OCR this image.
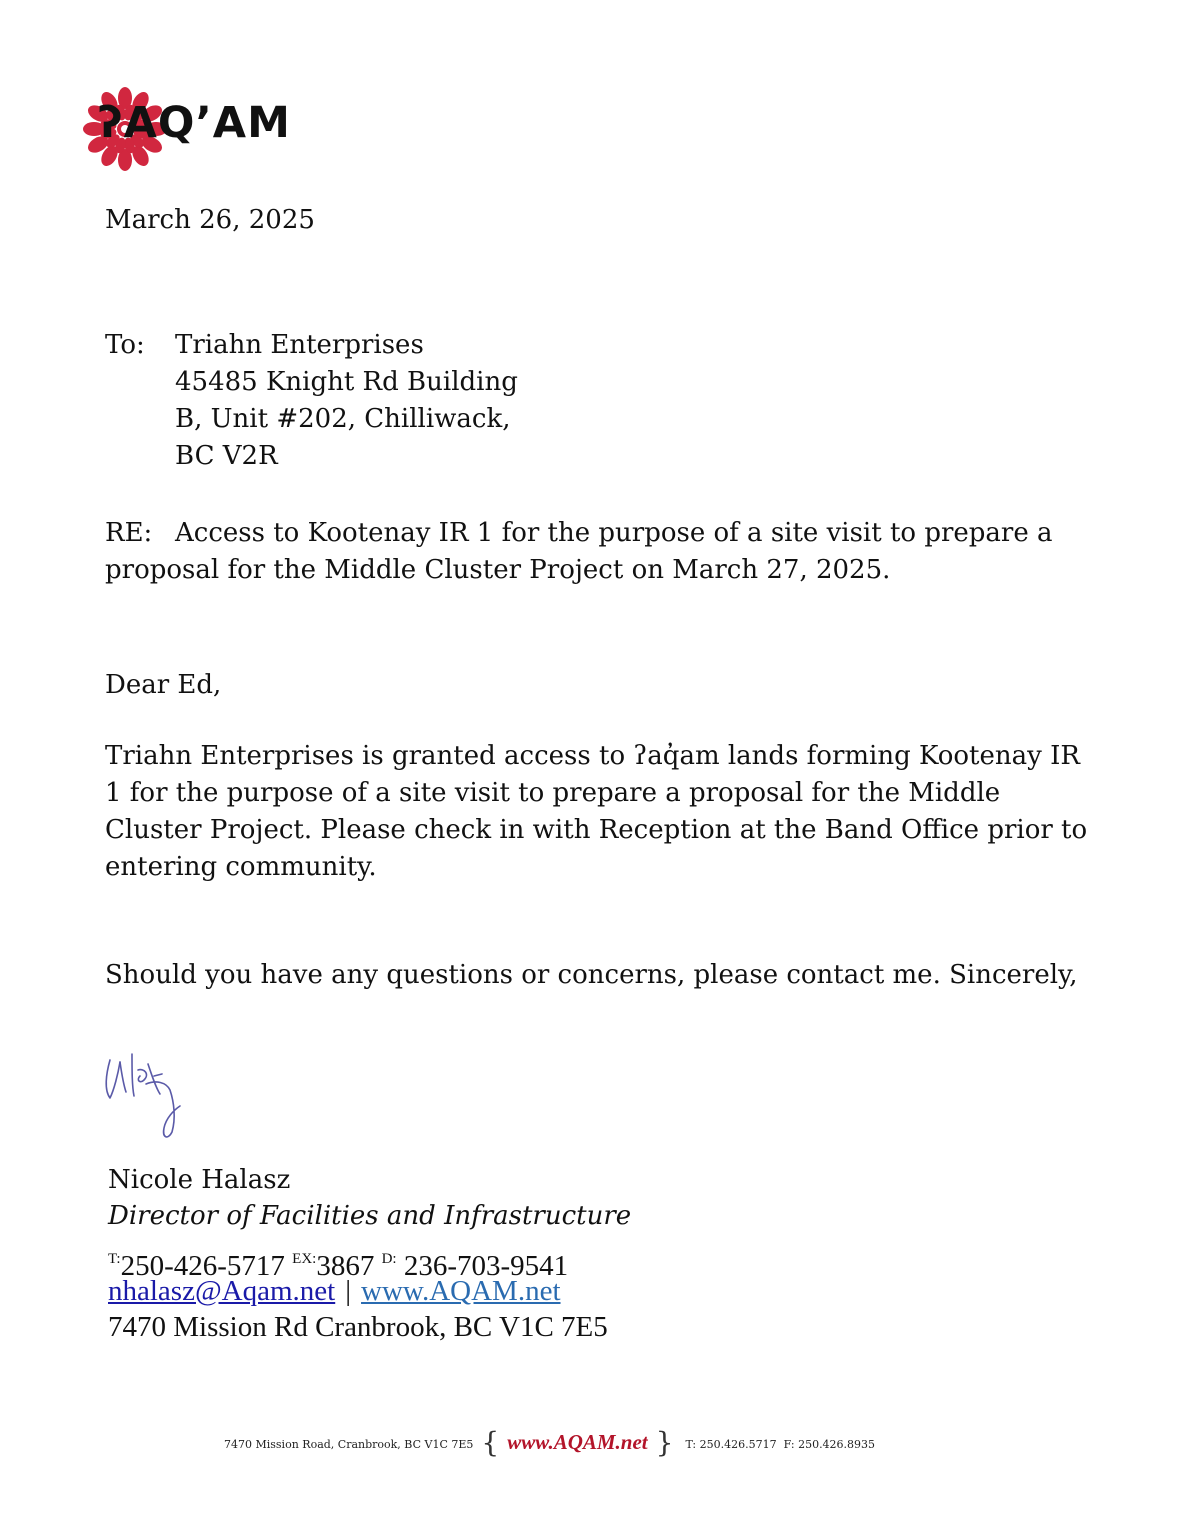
ʔAQ’AM
March 26, 2025
To: Triahn Enterprises
45485 Knight Rd Building
B, Unit #202, Chilliwack,
BC V2R
RE: Access to Kootenay IR 1 for the purpose of a site visit to prepare a proposal for the Middle Cluster Project on March 27, 2025.
Dear Ed,
Triahn Enterprises is granted access to ʔaq̓am lands forming Kootenay IR 1 for the purpose of a site visit to prepare a proposal for the Middle Cluster Project. Please check in with Reception at the Band Office prior to entering community.
Should you have any questions or concerns, please contact me. Sincerely,
Nicole Halasz
Director of Facilities and Infrastructure
$^{T:}$250-426-5717 $^{EX:}$3867 $^{D:}$ 236-703-9541
nhalasz@Aqam.net | www.AQAM.net
7470 Mission Rd Cranbrook, BC V1C 7E5
7470 Mission Road, Cranbrook, BC V1C 7E5 { www.AQAM.net } T: 250.426.5717 F: 250.426.8935
